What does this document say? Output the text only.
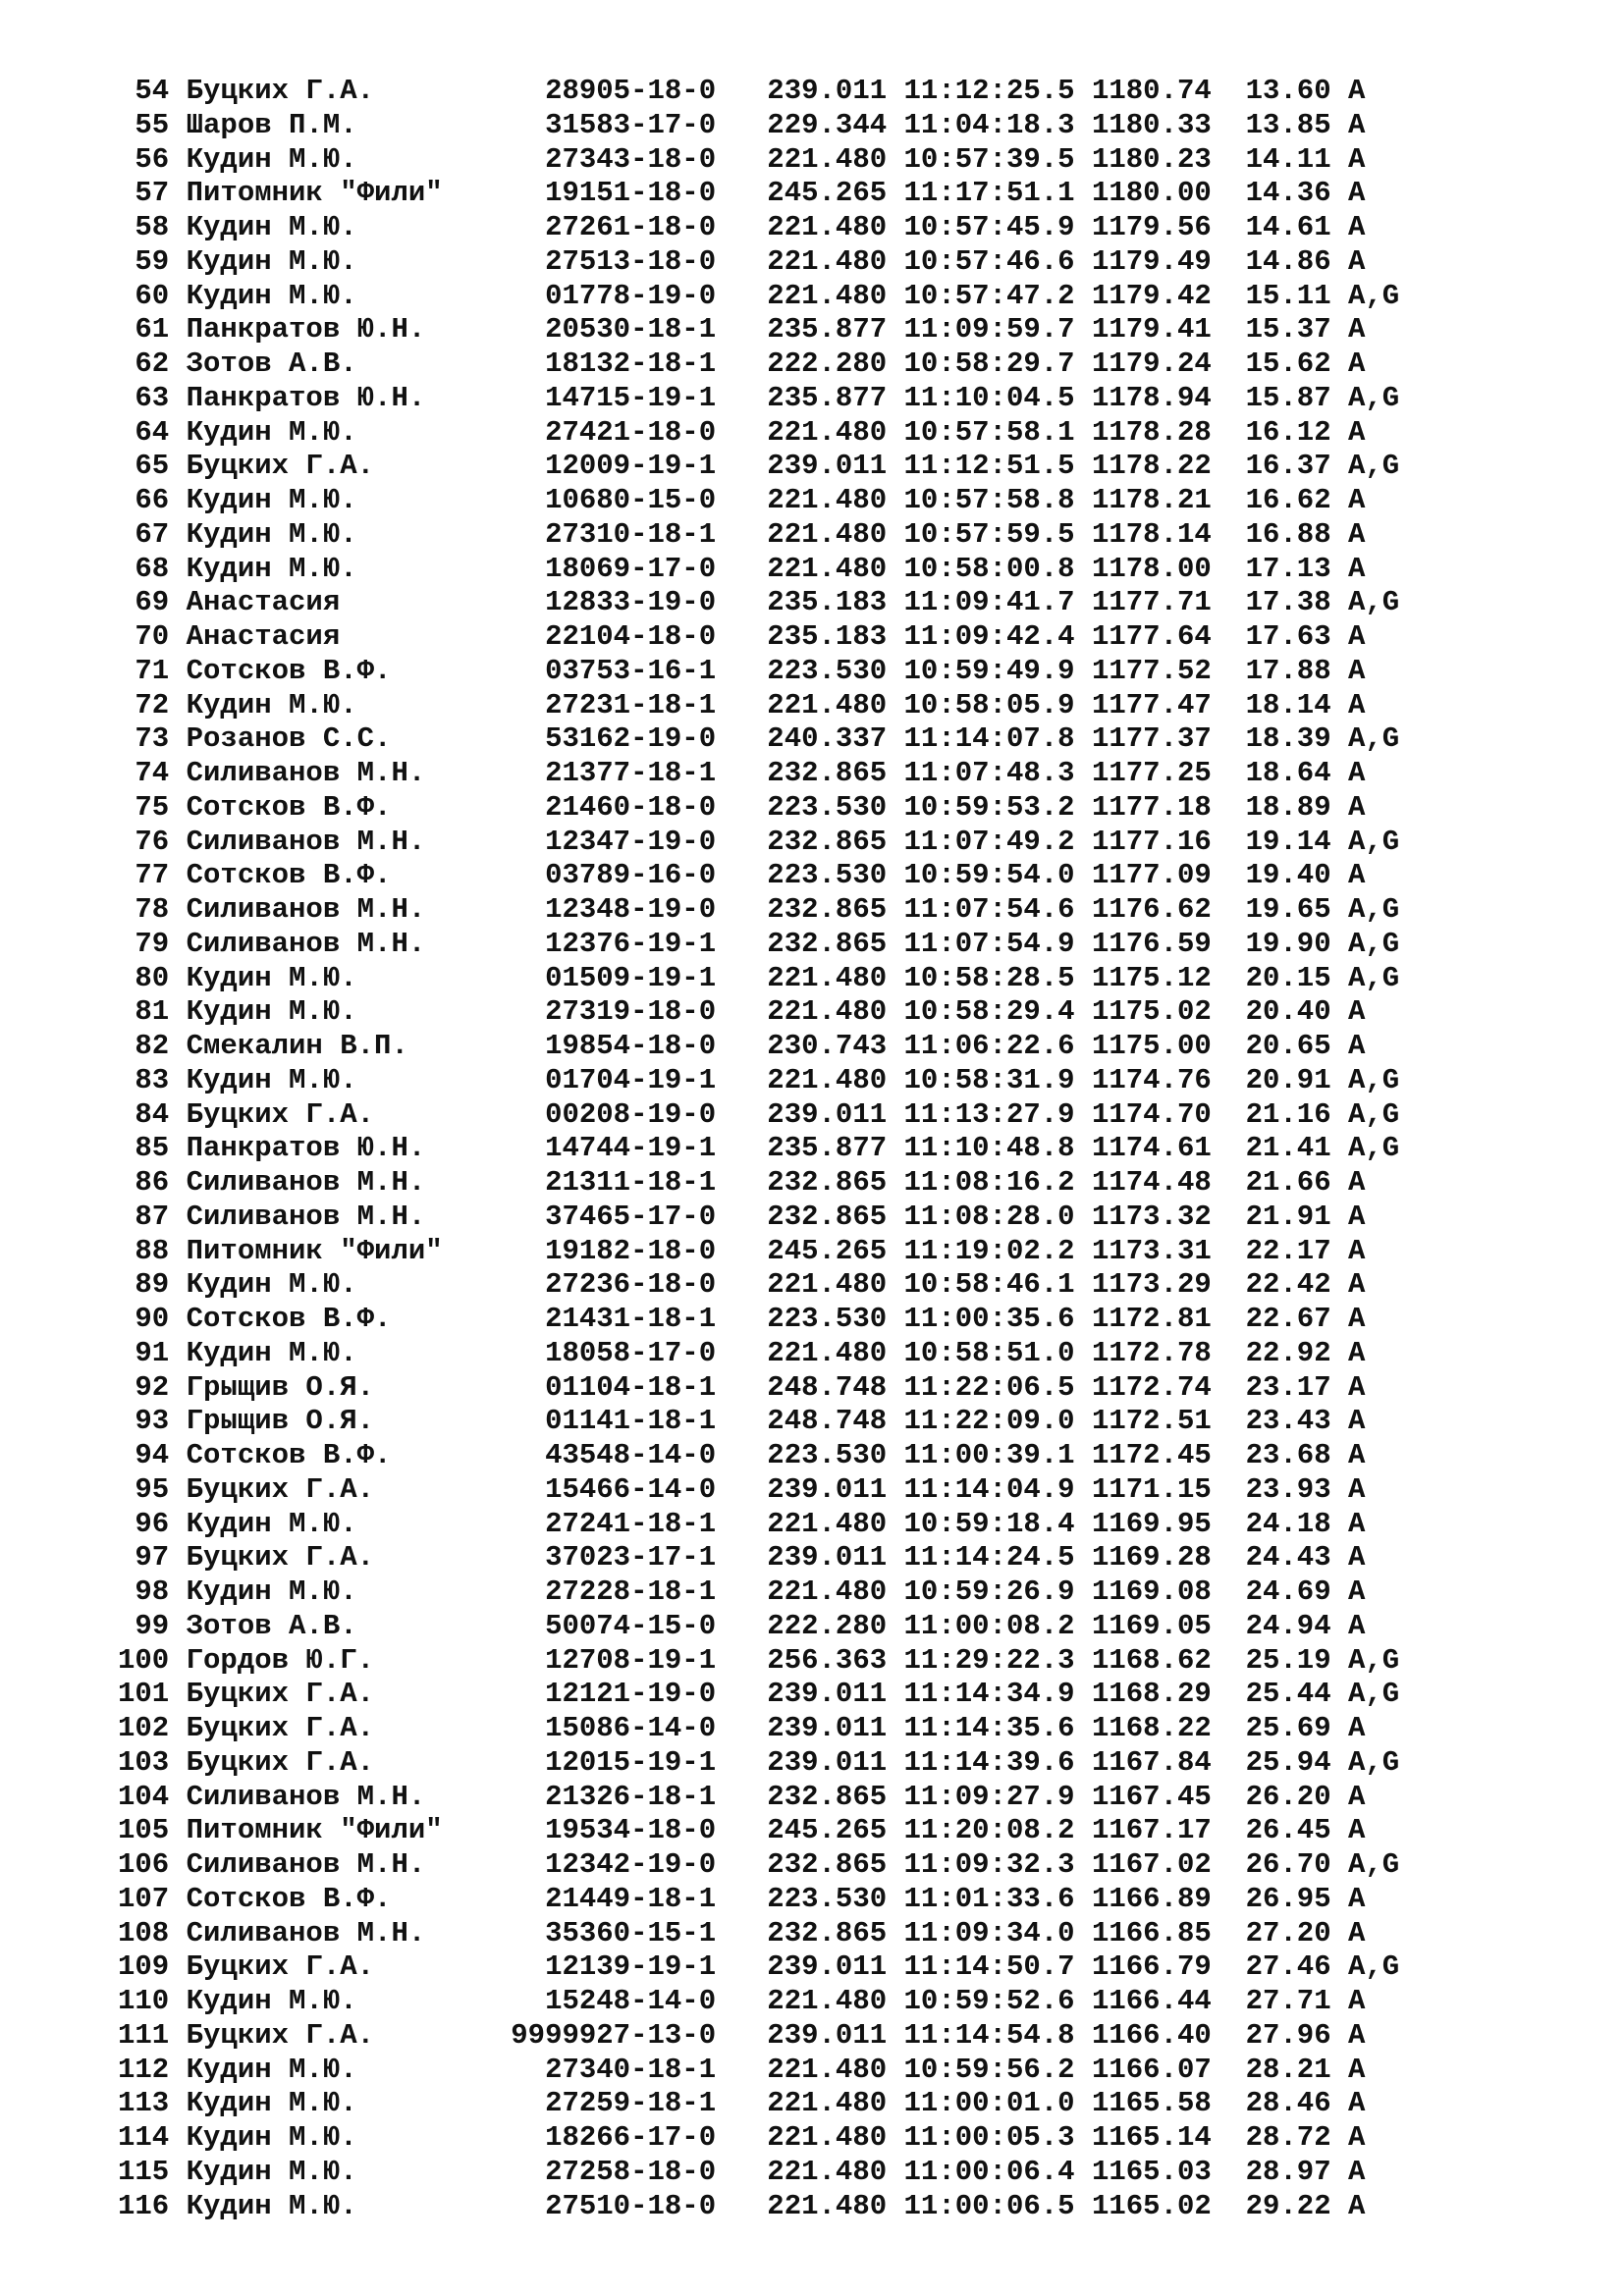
54 Буцких Г.А.          28905-18-0   239.011 11:12:25.5 1180.74  13.60 A
55 Шаров П.М.           31583-17-0   229.344 11:04:18.3 1180.33  13.85 A
56 Кудин М.Ю.           27343-18-0   221.480 10:57:39.5 1180.23  14.11 A
57 Питомник "Фили"      19151-18-0   245.265 11:17:51.1 1180.00  14.36 A
58 Кудин М.Ю.           27261-18-0   221.480 10:57:45.9 1179.56  14.61 A
59 Кудин М.Ю.           27513-18-0   221.480 10:57:46.6 1179.49  14.86 A
60 Кудин М.Ю.           01778-19-0   221.480 10:57:47.2 1179.42  15.11 A,G
61 Панкратов Ю.Н.       20530-18-1   235.877 11:09:59.7 1179.41  15.37 A
62 Зотов А.В.           18132-18-1   222.280 10:58:29.7 1179.24  15.62 A
63 Панкратов Ю.Н.       14715-19-1   235.877 11:10:04.5 1178.94  15.87 A,G
64 Кудин М.Ю.           27421-18-0   221.480 10:57:58.1 1178.28  16.12 A
65 Буцких Г.А.          12009-19-1   239.011 11:12:51.5 1178.22  16.37 A,G
66 Кудин М.Ю.           10680-15-0   221.480 10:57:58.8 1178.21  16.62 A
67 Кудин М.Ю.           27310-18-1   221.480 10:57:59.5 1178.14  16.88 A
68 Кудин М.Ю.           18069-17-0   221.480 10:58:00.8 1178.00  17.13 A
69 Анастасия            12833-19-0   235.183 11:09:41.7 1177.71  17.38 A,G
70 Анастасия            22104-18-0   235.183 11:09:42.4 1177.64  17.63 A
71 Сотсков В.Ф.         03753-16-1   223.530 10:59:49.9 1177.52  17.88 A
72 Кудин М.Ю.           27231-18-1   221.480 10:58:05.9 1177.47  18.14 A
73 Розанов С.С.         53162-19-0   240.337 11:14:07.8 1177.37  18.39 A,G
74 Силиванов М.Н.       21377-18-1   232.865 11:07:48.3 1177.25  18.64 A
75 Сотсков В.Ф.         21460-18-0   223.530 10:59:53.2 1177.18  18.89 A
76 Силиванов М.Н.       12347-19-0   232.865 11:07:49.2 1177.16  19.14 A,G
77 Сотсков В.Ф.         03789-16-0   223.530 10:59:54.0 1177.09  19.40 A
78 Силиванов М.Н.       12348-19-0   232.865 11:07:54.6 1176.62  19.65 A,G
79 Силиванов М.Н.       12376-19-1   232.865 11:07:54.9 1176.59  19.90 A,G
80 Кудин М.Ю.           01509-19-1   221.480 10:58:28.5 1175.12  20.15 A,G
81 Кудин М.Ю.           27319-18-0   221.480 10:58:29.4 1175.02  20.40 A
82 Смекалин В.П.        19854-18-0   230.743 11:06:22.6 1175.00  20.65 A
83 Кудин М.Ю.           01704-19-1   221.480 10:58:31.9 1174.76  20.91 A,G
84 Буцких Г.А.          00208-19-0   239.011 11:13:27.9 1174.70  21.16 A,G
85 Панкратов Ю.Н.       14744-19-1   235.877 11:10:48.8 1174.61  21.41 A,G
86 Силиванов М.Н.       21311-18-1   232.865 11:08:16.2 1174.48  21.66 A
87 Силиванов М.Н.       37465-17-0   232.865 11:08:28.0 1173.32  21.91 A
88 Питомник "Фили"      19182-18-0   245.265 11:19:02.2 1173.31  22.17 A
89 Кудин М.Ю.           27236-18-0   221.480 10:58:46.1 1173.29  22.42 A
90 Сотсков В.Ф.         21431-18-1   223.530 11:00:35.6 1172.81  22.67 A
91 Кудин М.Ю.           18058-17-0   221.480 10:58:51.0 1172.78  22.92 A
92 Грыщив О.Я.          01104-18-1   248.748 11:22:06.5 1172.74  23.17 A
93 Грыщив О.Я.          01141-18-1   248.748 11:22:09.0 1172.51  23.43 A
94 Сотсков В.Ф.         43548-14-0   223.530 11:00:39.1 1172.45  23.68 A
95 Буцких Г.А.          15466-14-0   239.011 11:14:04.9 1171.15  23.93 A
96 Кудин М.Ю.           27241-18-1   221.480 10:59:18.4 1169.95  24.18 A
97 Буцких Г.А.          37023-17-1   239.011 11:14:24.5 1169.28  24.43 A
98 Кудин М.Ю.           27228-18-1   221.480 10:59:26.9 1169.08  24.69 A
99 Зотов А.В.           50074-15-0   222.280 11:00:08.2 1169.05  24.94 A
100 Гордов Ю.Г.          12708-19-1   256.363 11:29:22.3 1168.62  25.19 A,G
101 Буцких Г.А.          12121-19-0   239.011 11:14:34.9 1168.29  25.44 A,G
102 Буцких Г.А.          15086-14-0   239.011 11:14:35.6 1168.22  25.69 A
103 Буцких Г.А.          12015-19-1   239.011 11:14:39.6 1167.84  25.94 A,G
104 Силиванов М.Н.       21326-18-1   232.865 11:09:27.9 1167.45  26.20 A
105 Питомник "Фили"      19534-18-0   245.265 11:20:08.2 1167.17  26.45 A
106 Силиванов М.Н.       12342-19-0   232.865 11:09:32.3 1167.02  26.70 A,G
107 Сотсков В.Ф.         21449-18-1   223.530 11:01:33.6 1166.89  26.95 A
108 Силиванов М.Н.       35360-15-1   232.865 11:09:34.0 1166.85  27.20 A
109 Буцких Г.А.          12139-19-1   239.011 11:14:50.7 1166.79  27.46 A,G
110 Кудин М.Ю.           15248-14-0   221.480 10:59:52.6 1166.44  27.71 A
111 Буцких Г.А.        9999927-13-0   239.011 11:14:54.8 1166.40  27.96 A
112 Кудин М.Ю.           27340-18-1   221.480 10:59:56.2 1166.07  28.21 A
113 Кудин М.Ю.           27259-18-1   221.480 11:00:01.0 1165.58  28.46 A
114 Кудин М.Ю.           18266-17-0   221.480 11:00:05.3 1165.14  28.72 A
115 Кудин М.Ю.           27258-18-0   221.480 11:00:06.4 1165.03  28.97 A
116 Кудин М.Ю.           27510-18-0   221.480 11:00:06.5 1165.02  29.22 A
